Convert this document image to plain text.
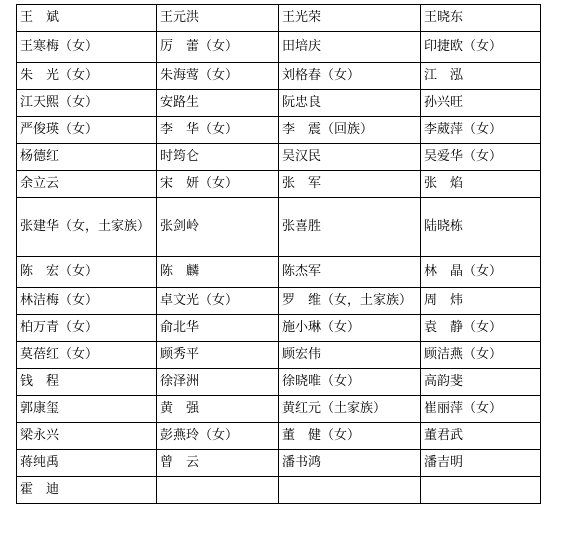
王　斌	王元洪	王光荣	王晓东
王寒梅（女）	厉　蕾（女）	田培庆	印捷欧（女）
朱　光（女）	朱海莺（女）	刘格春（女）	江　泓
江天熙（女）	安路生	阮忠良	孙兴旺
严俊瑛（女）	李　华（女）	李　震（回族）	李葳萍（女）
杨德红	时筠仑	吴汉民	吴爱华（女）
余立云	宋　妍（女）	张　军	张　焰
张建华（女，土家族）	张剑岭	张喜胜	陆晓栋
陈　宏（女）	陈　麟	陈杰军	林　晶（女）
林洁梅（女）	卓文光（女）	罗　维（女，土家族）	周　炜
柏万青（女）	俞北华	施小琳（女）	袁　静（女）
莫蓓红（女）	顾秀平	顾宏伟	顾洁燕（女）
钱　程	徐泽洲	徐晓唯（女）	高韵斐
郭康玺	黄　强	黄红元（土家族）	崔丽萍（女）
梁永兴	彭燕玲（女）	董　健（女）	董君武
蒋纯禹	曾　云	潘书鸿	潘吉明
霍　迪			
